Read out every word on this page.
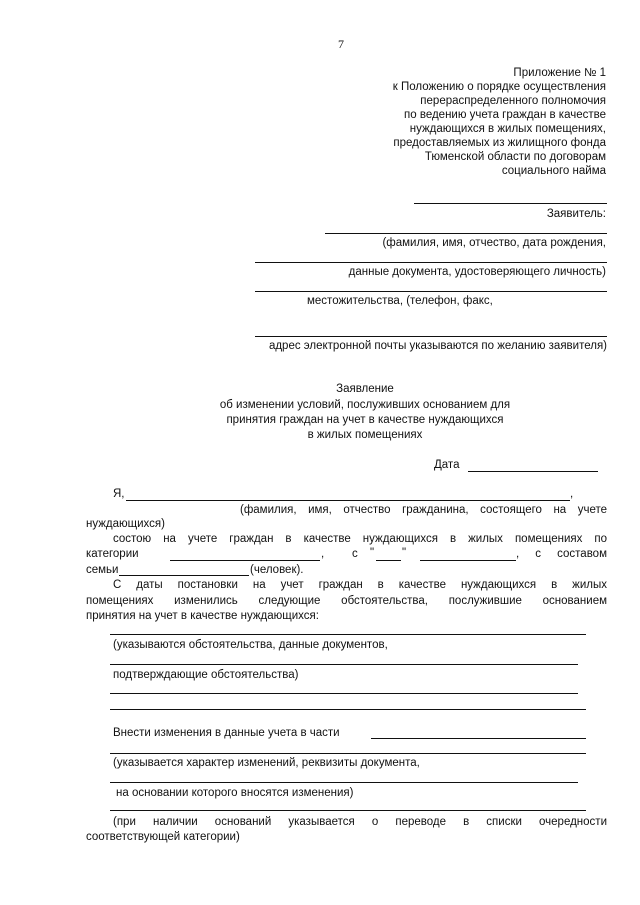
7
Приложение № 1
к Положению о порядке осуществления
перераспределенного полномочия
по ведению учета граждан в качестве
нуждающихся в жилых помещениях,
предоставляемых из жилищного фонда
Тюменской области по договорам
социального найма
Заявитель:
(фамилия, имя, отчество, дата рождения,
данные документа, удостоверяющего личность)
местожительства, (телефон, факс,
адрес электронной почты указываются по желанию заявителя)
Заявление
об изменении условий, послуживших основанием для
принятия граждан на учет в качестве нуждающихся
в жилых помещениях
Дата
Я,	,
(фамилия, имя, отчество гражданина, состоящего на учете
нуждающихся)
состою на учете граждан в качестве нуждающихся в жилых помещениях по
категории	, с " "	, с составом
семьи	(человек).
С даты постановки на учет граждан в качестве нуждающихся в жилых
помещениях изменились следующие обстоятельства, послужившие основанием
принятия на учет в качестве нуждающихся:
(указываются обстоятельства, данные документов,
подтверждающие обстоятельства)
Внести изменения в данные учета в части
(указывается характер изменений, реквизиты документа,
на основании которого вносятся изменения)
(при наличии оснований указывается о переводе в списки очередности
соответствующей категории)
